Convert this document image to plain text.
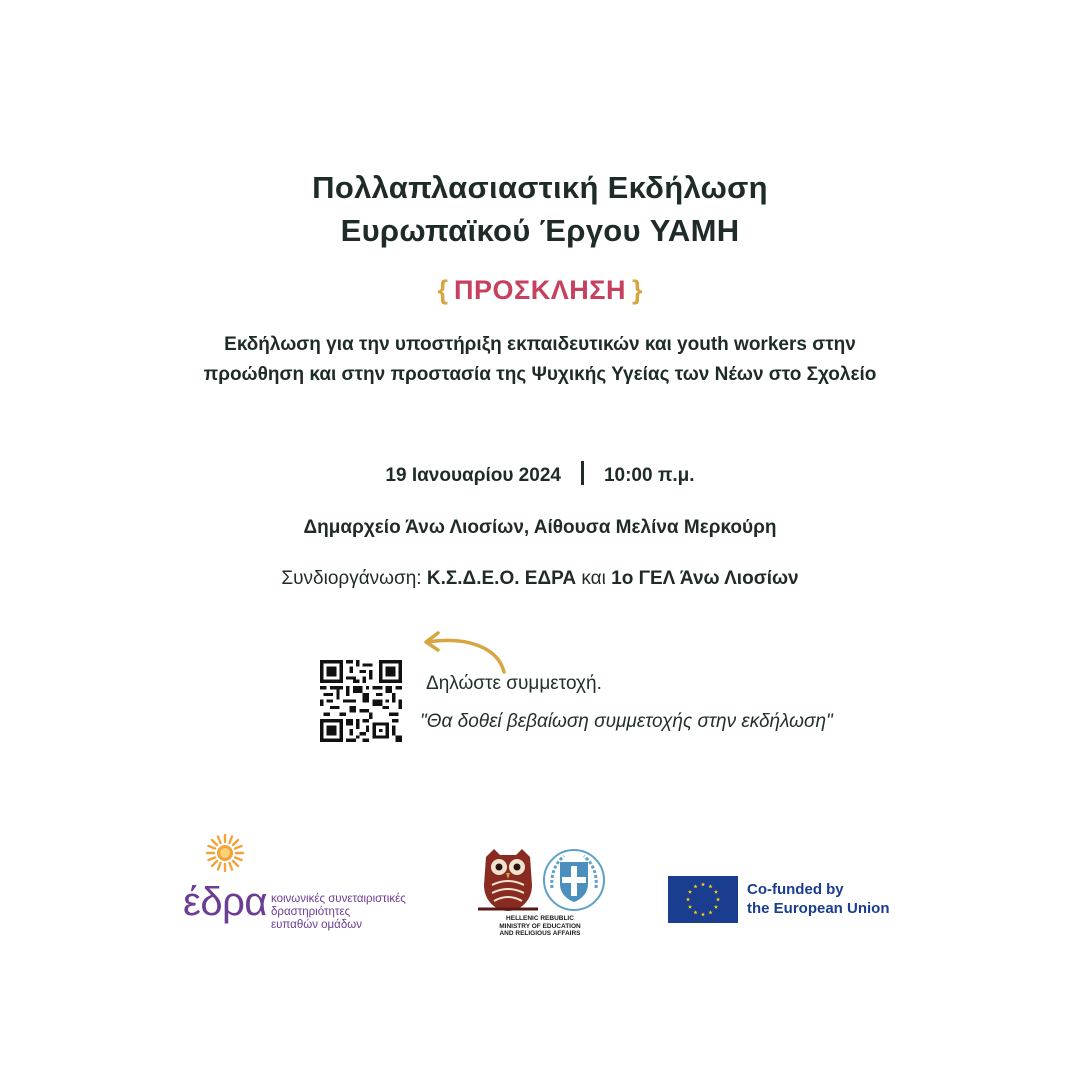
Πολλαπλασιαστική Εκδήλωση
Ευρωπαϊκού Έργου YAMH
{ ΠΡΟΣΚΛΗΣΗ }
Εκδήλωση για την υποστήριξη εκπαιδευτικών και youth workers στην
προώθηση και στην προστασία της Ψυχικής Υγείας των Νέων στο Σχολείο
19 Ιανουαρίου 2024 10:00 π.μ.
Δημαρχείο Άνω Λιοσίων, Αίθουσα Μελίνα Μερκούρη
Συνδιοργάνωση: Κ.Σ.Δ.Ε.Ο. ΕΔΡΑ και 1ο ΓΕΛ Άνω Λιοσίων
Δηλώστε συμμετοχή.
"Θα δοθεί βεβαίωση συμμετοχής στην εκδήλωση"
έδρα κοινωνικές συνεταιριστικές
δραστηριότητες
ευπαθών ομάδων
HELLENIC REBUBLIC
MINISTRY OF EDUCATION
AND RELIGIOUS AFFAIRS
Co-funded by
the European Union
